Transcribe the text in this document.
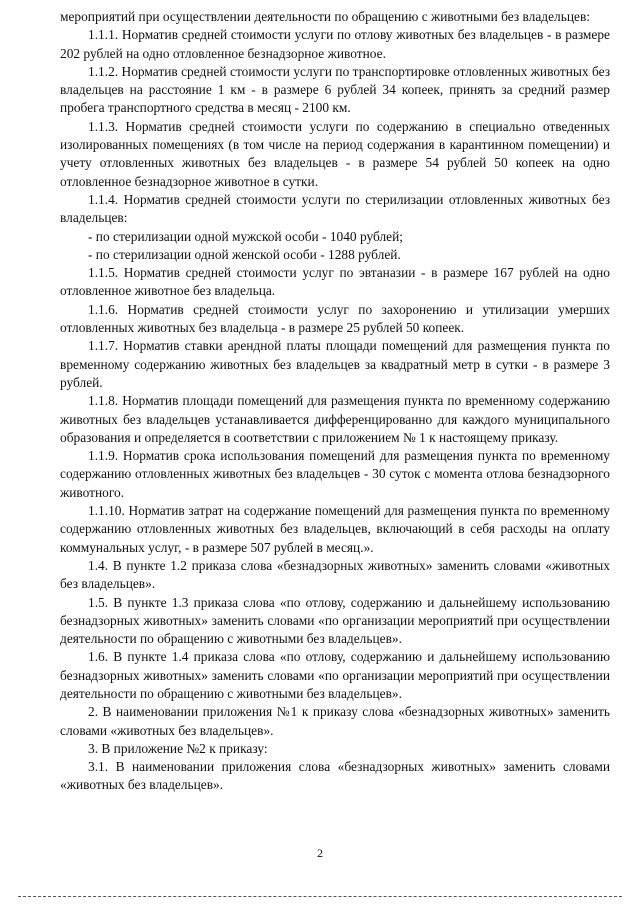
мероприятий при осуществлении деятельности по обращению с животными без владельцев:

1.1.1. Норматив средней стоимости услуги по отлову животных без владельцев - в размере 202 рублей на одно отловленное безнадзорное животное.

1.1.2. Норматив средней стоимости услуги по транспортировке отловленных животных без владельцев на расстояние 1 км - в размере 6 рублей 34 копеек, принять за средний размер пробега транспортного средства в месяц - 2100 км.

1.1.3. Норматив средней стоимости услуги по содержанию в специально отведенных изолированных помещениях (в том числе на период содержания в карантинном помещении) и учету отловленных животных без владельцев - в размере 54 рублей 50 копеек на одно отловленное безнадзорное животное в сутки.

1.1.4. Норматив средней стоимости услуги по стерилизации отловленных животных без владельцев:

- по стерилизации одной мужской особи - 1040 рублей;

- по стерилизации одной женской особи - 1288 рублей.

1.1.5. Норматив средней стоимости услуг по эвтаназии - в размере 167 рублей на одно отловленное животное без владельца.

1.1.6. Норматив средней стоимости услуг по захоронению и утилизации умерших отловленных животных без владельца - в размере 25 рублей 50 копеек.

1.1.7. Норматив ставки арендной платы площади помещений для размещения пункта по временному содержанию животных без владельцев за квадратный метр в сутки - в размере 3 рублей.

1.1.8. Норматив площади помещений для размещения пункта по временному содержанию животных без владельцев устанавливается дифференцированно для каждого муниципального образования и определяется в соответствии с приложением № 1 к настоящему приказу.

1.1.9. Норматив срока использования помещений для размещения пункта по временному содержанию отловленных животных без владельцев - 30 суток с момента отлова безнадзорного животного.

1.1.10. Норматив затрат на содержание помещений для размещения пункта по временному содержанию отловленных животных без владельцев, включающий в себя расходы на оплату коммунальных услуг, - в размере 507 рублей в месяц.».

1.4. В пункте 1.2 приказа слова «безнадзорных животных» заменить словами «животных без владельцев».

1.5. В пункте 1.3 приказа слова «по отлову, содержанию и дальнейшему использованию безнадзорных животных» заменить словами «по организации мероприятий при осуществлении деятельности по обращению с животными без владельцев».

1.6. В пункте 1.4 приказа слова «по отлову, содержанию и дальнейшему использованию безнадзорных животных» заменить словами «по организации мероприятий при осуществлении деятельности по обращению с животными без владельцев».

2. В наименовании приложения №1 к приказу слова «безнадзорных животных» заменить словами «животных без владельцев».

3. В приложение №2 к приказу:

3.1. В наименовании приложения слова «безнадзорных животных» заменить словами «животных без владельцев».

2
